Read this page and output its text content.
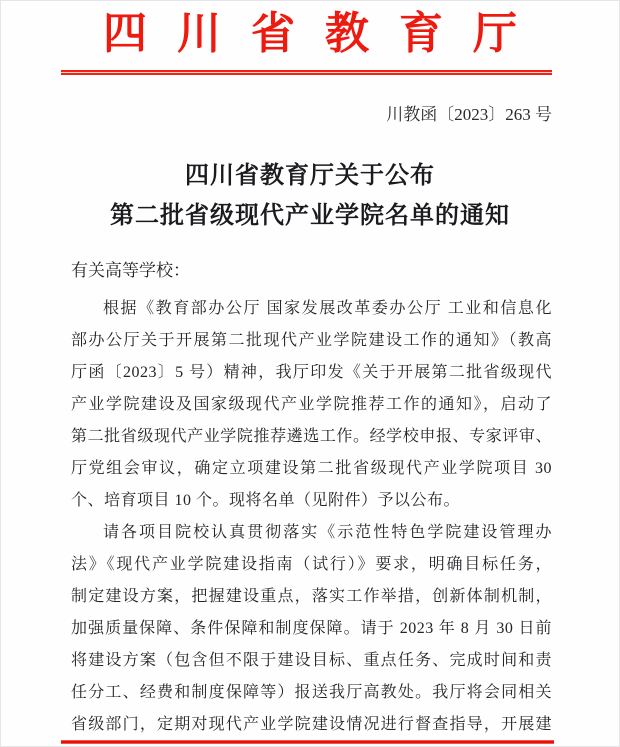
四川省教育厅
川教函〔2023〕263 号
四川省教育厅关于公布
第二批省级现代产业学院名单的通知
有关高等学校：
根据《教育部办公厅 国家发展改革委办公厅 工业和信息化
部办公厅关于开展第二批现代产业学院建设工作的通知》（教高
厅函〔2023〕5 号）精神，我厅印发《关于开展第二批省级现代
产业学院建设及国家级现代产业学院推荐工作的通知》，启动了
第二批省级现代产业学院推荐遴选工作。经学校申报、专家评审、
厅党组会审议，确定立项建设第二批省级现代产业学院项目 30
个、培育项目 10 个。现将名单（见附件）予以公布。
请各项目院校认真贯彻落实《示范性特色学院建设管理办
法》《现代产业学院建设指南（试行）》要求，明确目标任务，
制定建设方案，把握建设重点，落实工作举措，创新体制机制，
加强质量保障、条件保障和制度保障。请于 2023 年 8 月 30 日前
将建设方案（包含但不限于建设目标、重点任务、完成时间和责
任分工、经费和制度保障等）报送我厅高教处。我厅将会同相关
省级部门，定期对现代产业学院建设情况进行督查指导，开展建
